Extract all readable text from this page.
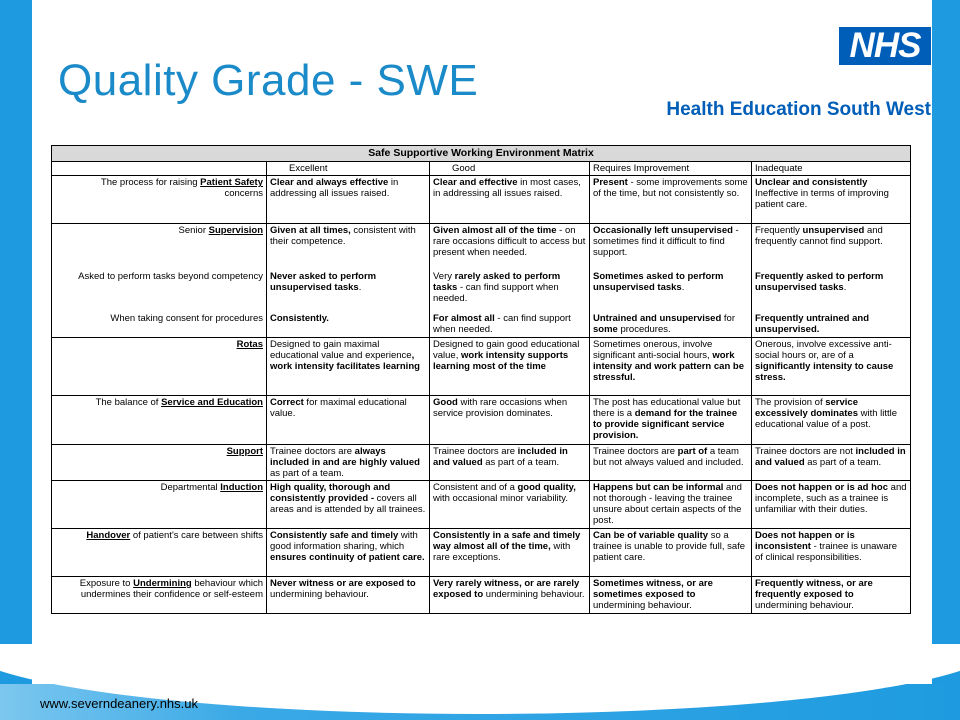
Quality Grade - SWE
NHS
Health Education South West
www.severndeanery.nhs.uk
Safe Supportive Working Environment Matrix				
	Excellent	Good	Requires Improvement	Inadequate
The process for raising Patient Safety
concerns	Clear and always effective in addressing all issues raised.	Clear and effective in most cases, in addressing all issues raised.	Present - some improvements some of the time, but not consistently so.	Unclear and consistently Ineffective in terms of improving patient care.
Senior Supervision	Given at all times, consistent with their competence.	Given almost all of the time - on rare occasions difficult to access but present when needed.	Occasionally left unsupervised - sometimes find it difficult to find support.	Frequently unsupervised and frequently cannot find support.
Asked to perform tasks beyond competency	Never asked to perform unsupervised tasks.	Very rarely asked to perform tasks - can find support when needed.	Sometimes asked to perform unsupervised tasks.	Frequently asked to perform unsupervised tasks.
When taking consent for procedures	Consistently.	For almost all - can find support when needed.	Untrained and unsupervised for some procedures.	Frequently untrained and unsupervised.
Rotas	Designed to gain maximal educational value and experience, work intensity facilitates learning	Designed to gain good educational value, work intensity supports learning most of the time	Sometimes onerous, involve significant anti-social hours, work intensity and work pattern can be stressful.	Onerous, involve excessive anti-social hours or, are of a significantly intensity to cause stress.
The balance of Service and Education	Correct for maximal educational value.	Good with rare occasions when service provision dominates.	The post has educational value but there is a demand for the trainee to provide significant service provision.	The provision of service excessively dominates with little educational value of a post.
Support	Trainee doctors are always included in and are highly valued as part of a team.	Trainee doctors are included in and valued as part of a team.	Trainee doctors are part of a team but not always valued and included.	Trainee doctors are not included in and valued as part of a team.
Departmental Induction	High quality, thorough and consistently provided - covers all areas and is attended by all trainees.	Consistent and of a good quality, with occasional minor variability.	Happens but can be informal and not thorough - leaving the trainee unsure about certain aspects of the post.	Does not happen or is ad hoc and incomplete, such as a trainee is unfamiliar with their duties.
Handover of patient's care between shifts	Consistently safe and timely with good information sharing, which ensures continuity of patient care.	Consistently in a safe and timely way almost all of the time, with rare exceptions.	Can be of variable quality so a trainee is unable to provide full, safe patient care.	Does not happen or is inconsistent - trainee is unaware of clinical responsibilities.
Exposure to Undermining behaviour which undermines their confidence or self-esteem	Never witness or are exposed to undermining behaviour.	Very rarely witness, or are rarely exposed to undermining behaviour.	Sometimes witness, or are sometimes exposed to undermining behaviour.	Frequently witness, or are frequently exposed to undermining behaviour.
